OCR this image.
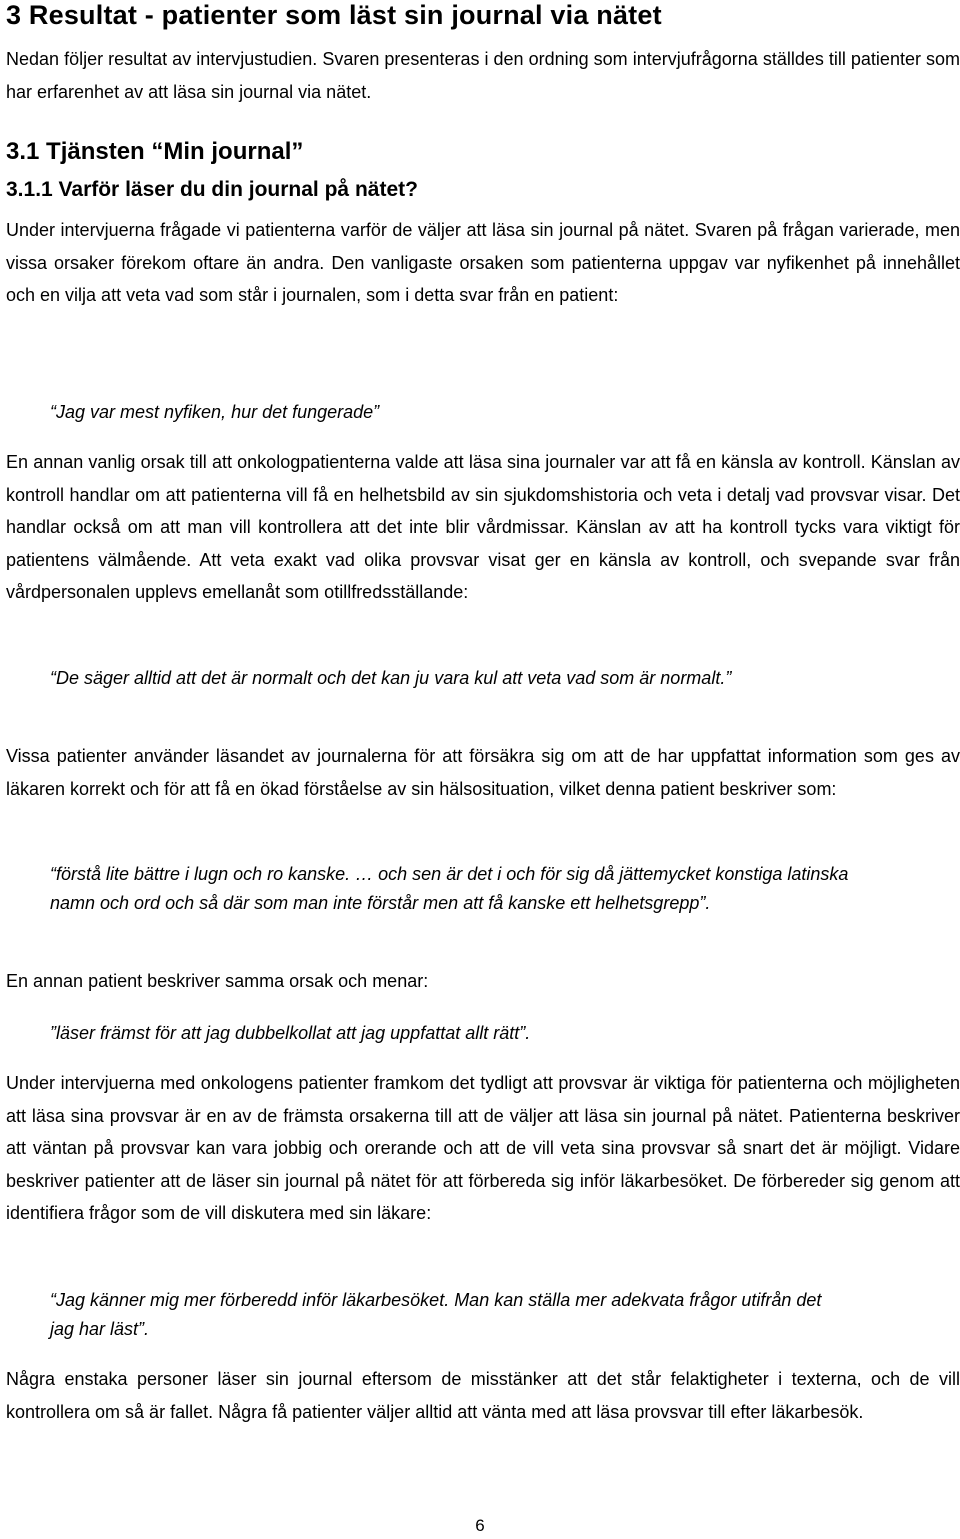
3 Resultat - patienter som läst sin journal via nätet
Nedan följer resultat av intervjustudien. Svaren presenteras i den ordning som intervjufrågorna ställdes till patienter som har erfarenhet av att läsa sin journal via nätet.
3.1 Tjänsten “Min journal”
3.1.1 Varför läser du din journal på nätet?
Under intervjuerna frågade vi patienterna varför de väljer att läsa sin journal på nätet. Svaren på frågan varierade, men vissa orsaker förekom oftare än andra. Den vanligaste orsaken som patienterna uppgav var nyfikenhet på innehållet och en vilja att veta vad som står i journalen, som i detta svar från en patient:
“Jag var mest nyfiken, hur det fungerade”
En annan vanlig orsak till att onkologpatienterna valde att läsa sina journaler var att få en känsla av kontroll. Känslan av kontroll handlar om att patienterna vill få en helhetsbild av sin sjukdomshistoria och veta i detalj vad provsvar visar. Det handlar också om att man vill kontrollera att det inte blir vårdmissar. Känslan av att ha kontroll tycks vara viktigt för patientens välmående. Att veta exakt vad olika provsvar visat ger en känsla av kontroll, och svepande svar från vårdpersonalen upplevs emellanåt som otillfredsställande:
“De säger alltid att det är normalt och det kan ju vara kul att veta vad som är normalt.”
Vissa patienter använder läsandet av journalerna för att försäkra sig om att de har uppfattat information som ges av läkaren korrekt och för att få en ökad förståelse av sin hälsosituation, vilket denna patient beskriver som:
“förstå lite bättre i lugn och ro kanske. … och sen är det i och för sig då jättemycket konstiga latinska namn och ord och så där som man inte förstår men att få kanske ett helhetsgrepp”.
En annan patient beskriver samma orsak och menar:
”läser främst för att jag dubbelkollat att jag uppfattat allt rätt”.
Under intervjuerna med onkologens patienter framkom det tydligt att provsvar är viktiga för patienterna och möjligheten att läsa sina provsvar är en av de främsta orsakerna till att de väljer att läsa sin journal på nätet. Patienterna beskriver att väntan på provsvar kan vara jobbig och orerande och att de vill veta sina provsvar så snart det är möjligt. Vidare beskriver patienter att de läser sin journal på nätet för att förbereda sig inför läkarbesöket. De förbereder sig genom att identifiera frågor som de vill diskutera med sin läkare:
“Jag känner mig mer förberedd inför läkarbesöket. Man kan ställa mer adekvata frågor utifrån det jag har läst”.
Några enstaka personer läser sin journal eftersom de misstänker att det står felaktigheter i texterna, och de vill kontrollera om så är fallet. Några få patienter väljer alltid att vänta med att läsa provsvar till efter läkarbesök.
6
